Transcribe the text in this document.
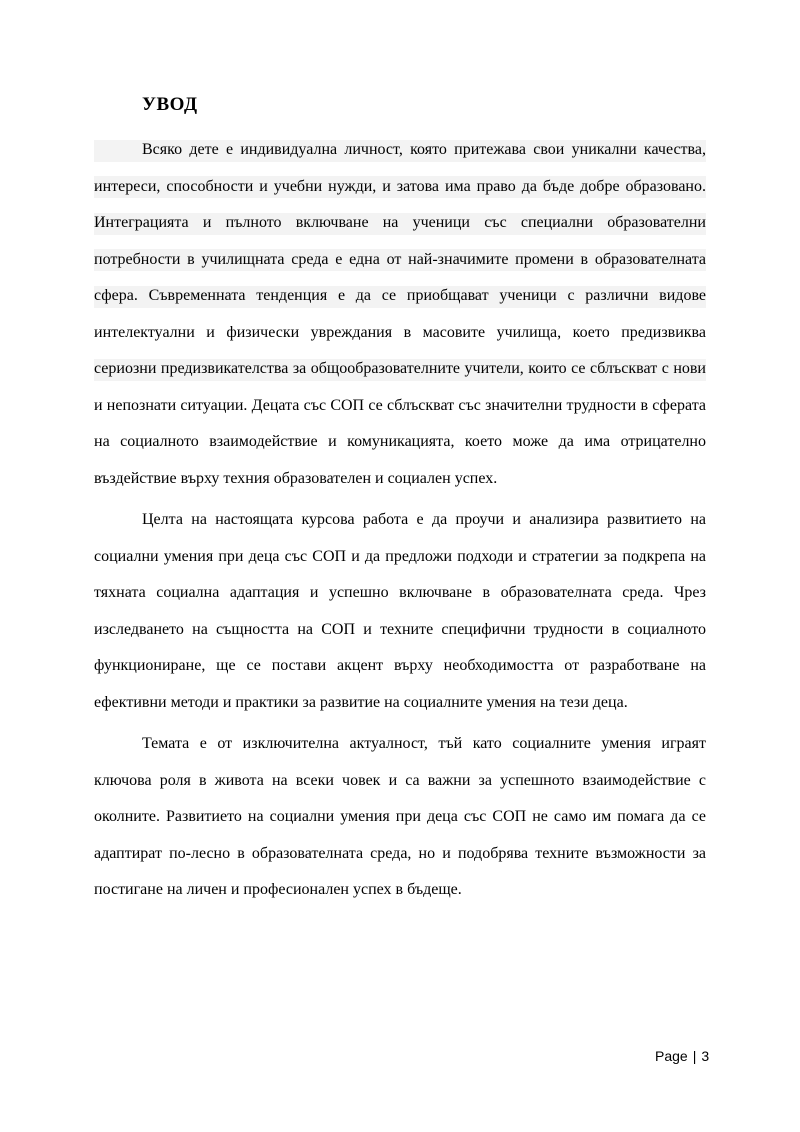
УВОД

Всяко дете е индивидуална личност, която притежава свои уникални качества, интереси, способности и учебни нужди, и затова има право да бъде добре образовано. Интеграцията и пълното включване на ученици със специални образователни потребности в училищната среда е една от най-значимите промени в образователната сфера. Съвременната тенденция е да се приобщават ученици с различни видове интелектуални и физически увреждания в масовите училища, което предизвиква сериозни предизвикателства за общообразователните учители, които се сблъскват с нови и непознати ситуации. Децата със СОП се сблъскват със значителни трудности в сферата на социалното взаимодействие и комуникацията, което може да има отрицателно въздействие върху техния образователен и социален успех.

Целта на настоящата курсова работа е да проучи и анализира развитието на социални умения при деца със СОП и да предложи подходи и стратегии за подкрепа на тяхната социална адаптация и успешно включване в образователната среда. Чрез изследването на същността на СОП и техните специфични трудности в социалното функциониране, ще се постави акцент върху необходимостта от разработване на ефективни методи и практики за развитие на социалните умения на тези деца.

Темата е от изключителна актуалност, тъй като социалните умения играят ключова роля в живота на всеки човек и са важни за успешното взаимодействие с околните. Развитието на социални умения при деца със СОП не само им помага да се адаптират по-лесно в образователната среда, но и подобрява техните възможности за постигане на личен и професионален успех в бъдеще.

Page | 3
